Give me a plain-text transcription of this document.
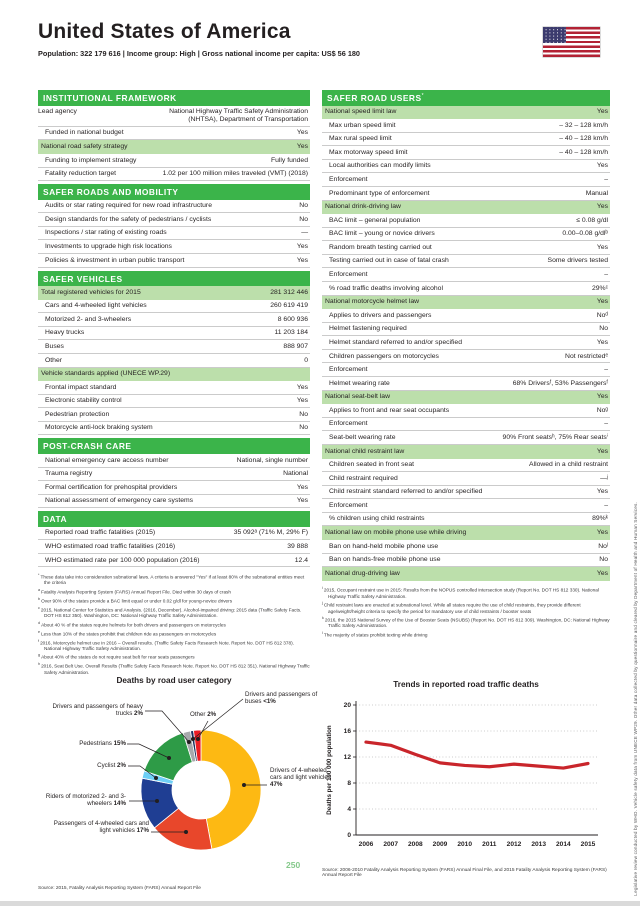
United States of America
Population: 322 179 616 | Income group: High | Gross national income per capita: US$ 56 180
INSTITUTIONAL FRAMEWORK
Lead agency	National Highway Traffic Safety Administration (NHTSA), Department of Transportation
Funded in national budget	Yes
National road safety strategy	Yes
Funding to implement strategy	Fully funded
Fatality reduction target	1.02 per 100 million miles traveled (VMT) (2018)
SAFER ROADS AND MOBILITY
Audits or star rating required for new road infrastructure	No
Design standards for the safety of pedestrians / cyclists	No
Inspections / star rating of existing roads	—
Investments to upgrade high risk locations	Yes
Policies & investment in urban public transport	Yes
SAFER VEHICLES
Total registered vehicles for 2015	281 312 446
Cars and 4-wheeled light vehicles	260 619 419
Motorized 2- and 3-wheelers	8 600 936
Heavy trucks	11 203 184
Buses	888 907
Other	0
Vehicle standards applied (UNECE WP.29)
Frontal impact standard	Yes
Electronic stability control	Yes
Pedestrian protection	No
Motorcycle anti-lock braking system	No
POST-CRASH CARE
National emergency care access number	National, single number
Trauma registry	National
Formal certification for prehospital providers	Yes
National assessment of emergency care systems	Yes
DATA
Reported road traffic fatalities (2015)	35 092ᵃ (71% M, 29% F)
WHO estimated road traffic fatalities (2016)	39 888
WHO estimated rate per 100 000 population (2016)	12.4
* These data take into consideration subnational laws. A criteria is answered "Yes" if at least 80% of the subnational entities meet the criteria
$^a$ Fatality Analysis Reporting System (FARS) Annual Report File. Died within 30 days of crash
$^b$ Over 90% of the states provide a BAC limit equal or under 0.02 g/dl for young-novice drivers
$^c$ 2015, National Center for Statistics and Analysis. (2016, December). Alcohol-impaired driving: 2015 data (Traffic Safety Facts. DOT HS 812 350). Washington, DC: National Highway Traffic Safety Administration.
$^d$ About 40 % of the states require helmets for both drivers and passengers on motorcycles
$^e$ Less than 10% of the states prohibit that children ride as passengers on motorcycles
$^f$ 2016, Motorcycle helmet use in 2016 – Overall results. (Traffic Safety Facts Research Note. Report No. DOT HS 812 378). National Highway Traffic Safety Administration.
$^g$ About 40% of the states do not require seat belt for rear seats passengers
$^h$ 2016, Seat Belt Use. Overall Results (Traffic Safety Facts Research Note. Report No. DOT HS 812 351). National Highway Traffic Safety Administration.
Deaths by road user category
Drivers of 4-wheeled cars and light vehicles 47%
Passengers of 4-wheeled cars and light vehicles 17%
Riders of motorized 2- and 3-wheelers 14%
Cyclist 2%
Pedestrians 15%
Drivers and passengers of heavy trucks 2%
Drivers and passengers of buses <1%
Other 2%
Source: 2015, Fatality Analysis Reporting System (FARS) Annual Report File
SAFER ROAD USERS*
National speed limit law	Yes
Max urban speed limit	– 32 – 128 km/h
Max rural speed limit	– 40 – 128 km/h
Max motorway speed limit	– 40 – 128 km/h
Local authorities can modify limits	Yes
Enforcement	–
Predominant type of enforcement	Manual
National drink-driving law	Yes
BAC limit – general population	≤ 0.08 g/dl
BAC limit – young or novice drivers	0.00–0.08 g/dlᵇ
Random breath testing carried out	Yes
Testing carried out in case of fatal crash	Some drivers tested
Enforcement	–
% road traffic deaths involving alcohol	29%ᶜ
National motorcycle helmet law	Yes
Applies to drivers and passengers	Noᵈ
Helmet fastening required	No
Helmet standard referred to and/or specified	Yes
Children passengers on motorcycles	Not restrictedᵉ
Enforcement	–
Helmet wearing rate	68% Driversᶠ, 53% Passengersᶠ
National seat-belt law	Yes
Applies to front and rear seat occupants	Noᵍ
Enforcement	–
Seat-belt wearing rate	90% Front seatsʰ, 75% Rear seatsⁱ
National child restraint law	Yes
Children seated in front seat	Allowed in a child restraint
Child restraint required	—ʲ
Child restraint standard referred to and/or specified	Yes
Enforcement	–
% children using child restraints	89%ᵏ
National law on mobile phone use while driving	Yes
Ban on hand-held mobile phone use	Noˡ
Ban on hands-free mobile phone use	No
National drug-driving law	Yes
$^i$ 2015, Occupant restraint use in 2015: Results from the NOPUS controlled intersection study (Report No. DOT HS 812 330). National Highway Traffic Safety Administration.
$^j$ Child restraint laws are enacted at subnational level. While all states require the use of child restraints, they provide different age/weight/height criteria to specify the period for mandatory use of child restraints / booster seats
$^k$ 2016, the 2015 National Survey of the Use of Booster Seats (NSUBS) (Report No. DOT HS 812 309). Washington, DC: National Highway Traffic Safety Administration.
$^l$ The majority of states prohibit texting while driving
Trends in reported road traffic deaths
0
4
8
12
16
20
2006 2007 2008 2009 2010 2011 2012 2013 2014 2015
Deaths per 100 000 population
Source: 2006-2010 Fatality Analysis Reporting System (FARS) Annual Final File, and 2015 Fatality Analysis Reporting System (FARS) Annual Report File
250	Legislative review conducted by WHO. Vehicle safety data from UNECE WP29. Other data collected by questionnaire and cleared by Department of Health and Human Services.
